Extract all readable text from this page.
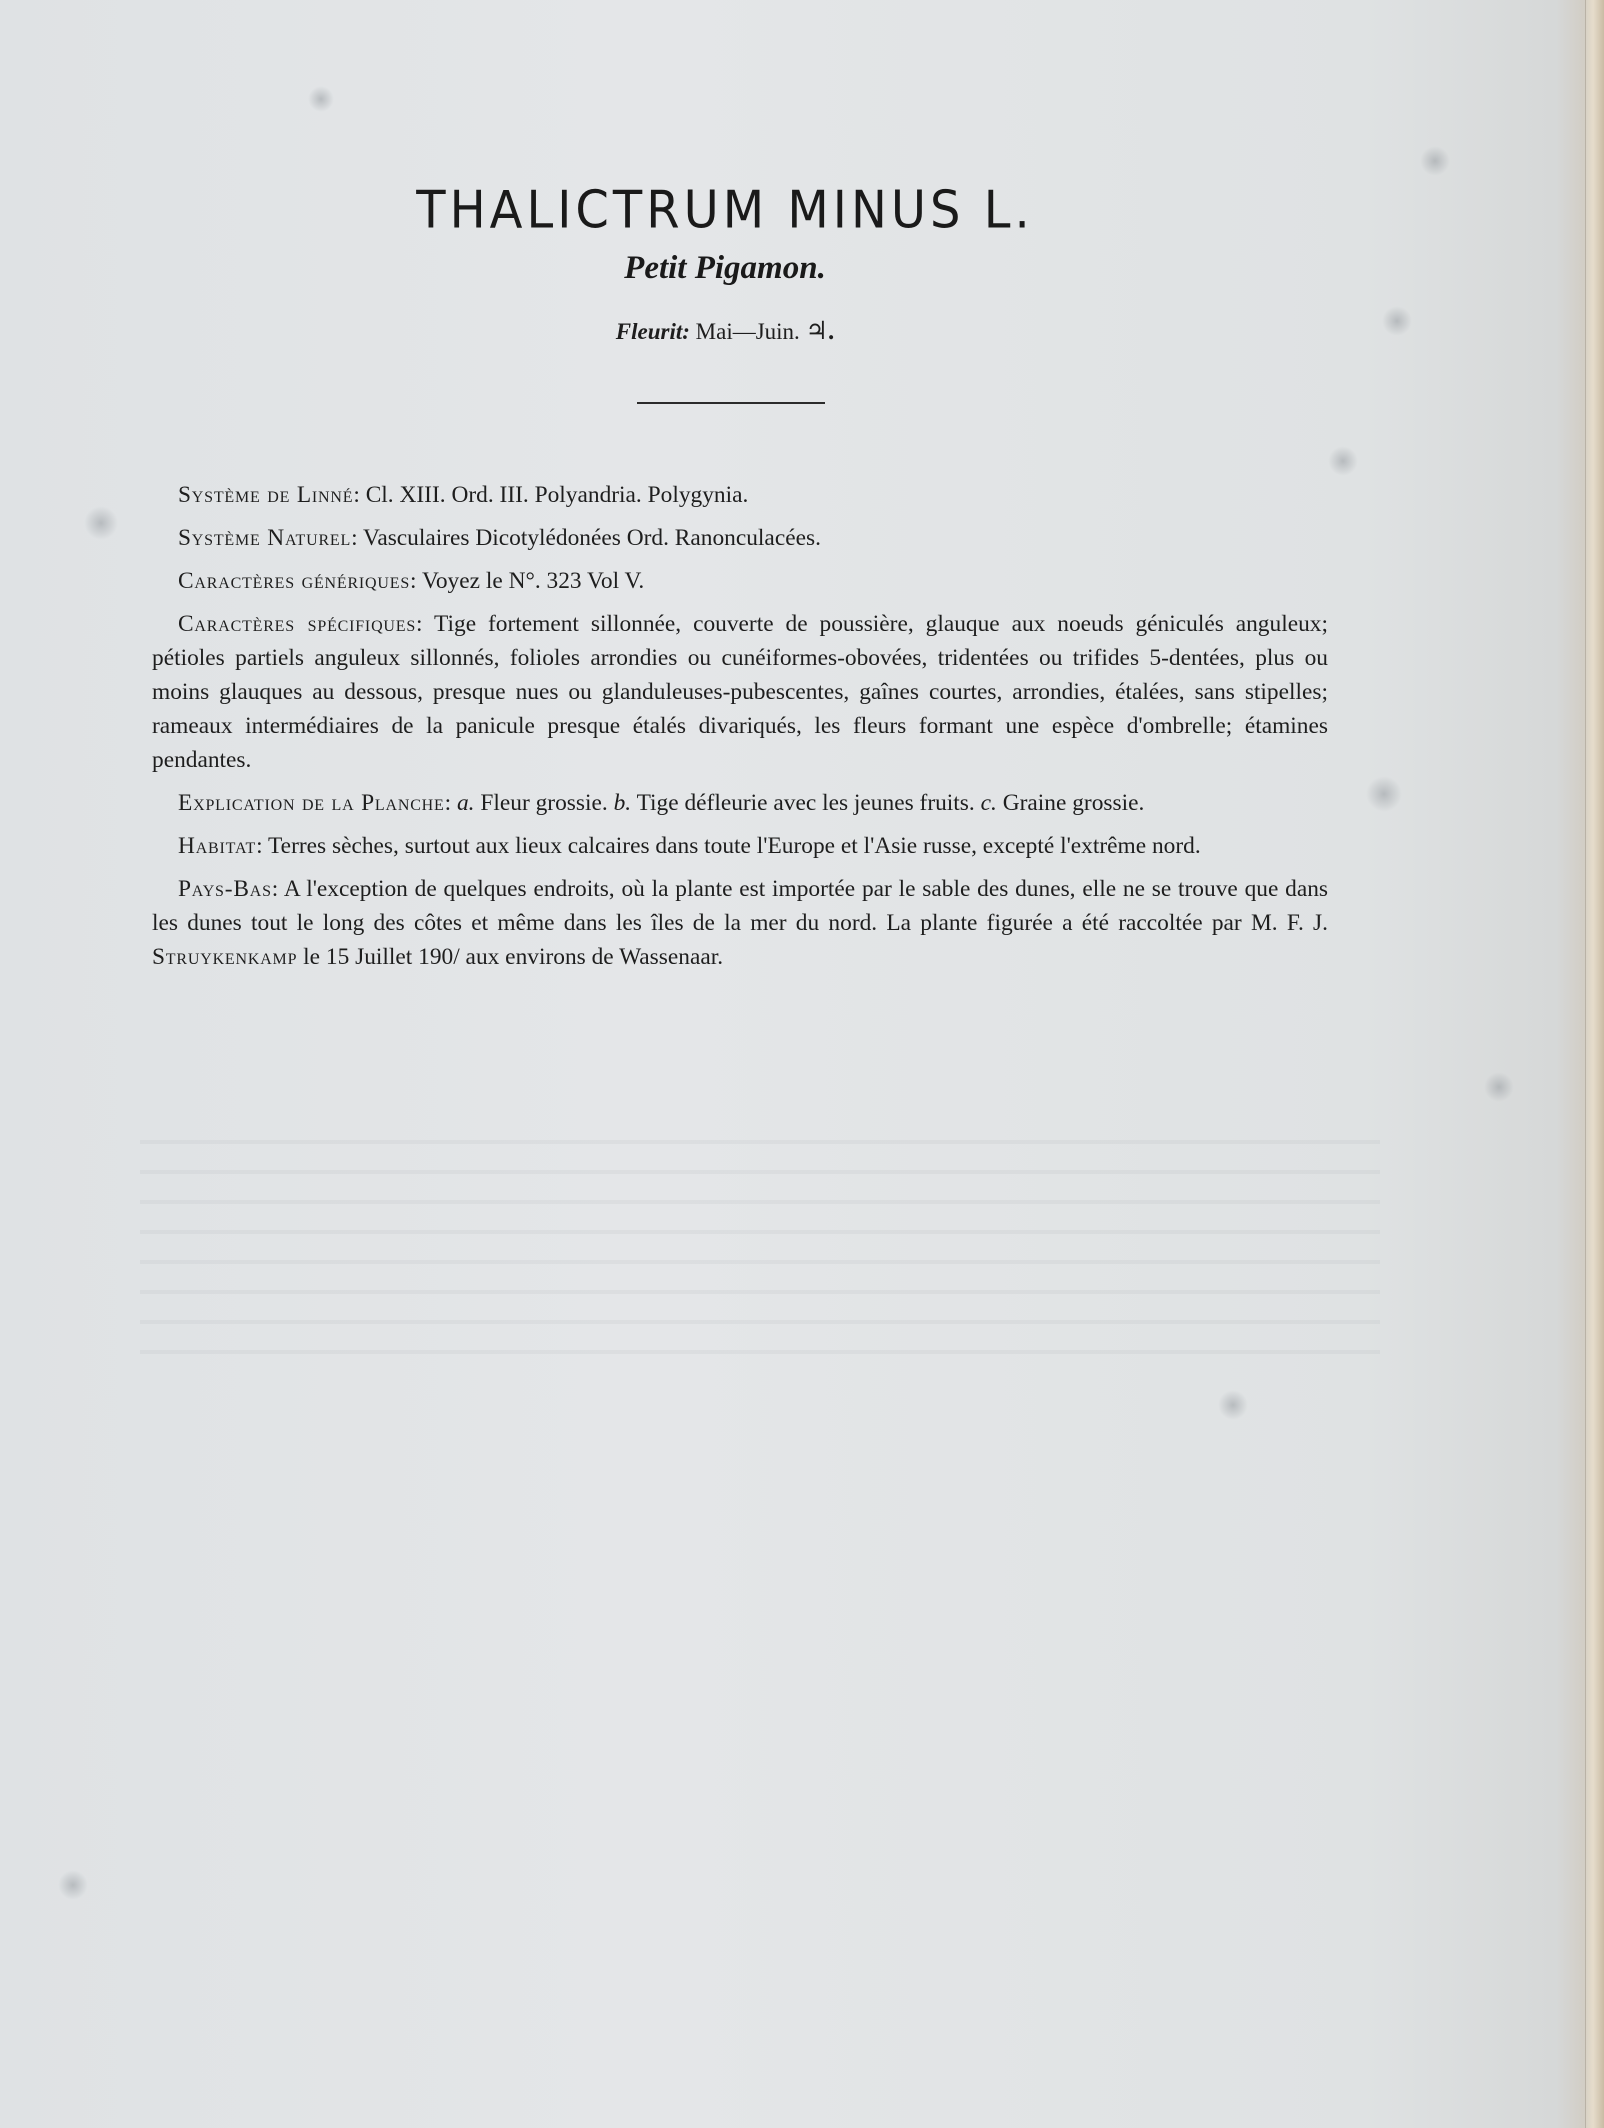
THALICTRUM MINUS L.
Petit Pigamon.
Fleurit: Mai—Juin. ♃.

Système de Linné: Cl. XIII. Ord. III. Polyandria. Polygynia.

Système Naturel: Vasculaires Dicotylédonées Ord. Ranonculacées.

Caractères génériques: Voyez le N°. 323 Vol V.

Caractères spécifiques: Tige fortement sillonnée, couverte de poussière, glauque aux noeuds géniculés anguleux; pétioles partiels anguleux sillonnés, folioles arrondies ou cunéiformes-obovées, tridentées ou trifides 5-dentées, plus ou moins glauques au dessous, presque nues ou glanduleuses-pubescentes, gaînes courtes, arrondies, étalées, sans stipelles; rameaux intermédiaires de la panicule presque étalés divariqués, les fleurs formant une espèce d'ombrelle; étamines pendantes.

Explication de la Planche: a. Fleur grossie. b. Tige défleurie avec les jeunes fruits. c. Graine grossie.

Habitat: Terres sèches, surtout aux lieux calcaires dans toute l'Europe et l'Asie russe, excepté l'extrême nord.

Pays-Bas: A l'exception de quelques endroits, où la plante est importée par le sable des dunes, elle ne se trouve que dans les dunes tout le long des côtes et même dans les îles de la mer du nord. La plante figurée a été raccoltée par M. F. J. Struykenkamp le 15 Juillet 190/ aux environs de Wassenaar.
